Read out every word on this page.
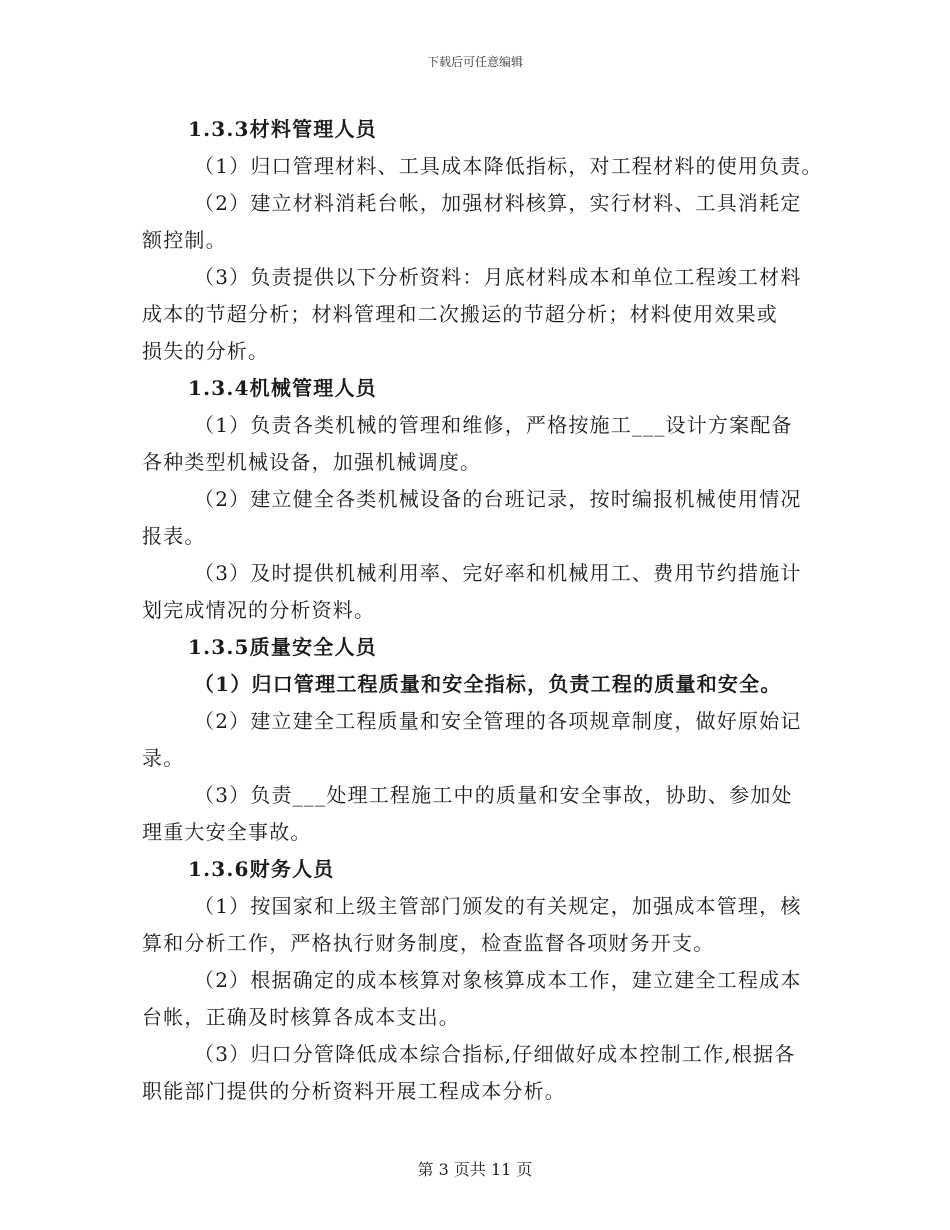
下载后可任意编辑
1.3.3材料管理人员
（1）归口管理材料、工具成本降低指标，对工程材料的使用负责。
（2）建立材料消耗台帐，加强材料核算，实行材料、工具消耗定
额控制。
（3）负责提供以下分析资料：月底材料成本和单位工程竣工材料
成本的节超分析；材料管理和二次搬运的节超分析；材料使用效果或
损失的分析。
1.3.4机械管理人员
（1）负责各类机械的管理和维修，严格按施工___设计方案配备
各种类型机械设备，加强机械调度。
（2）建立健全各类机械设备的台班记录，按时编报机械使用情况
报表。
（3）及时提供机械利用率、完好率和机械用工、费用节约措施计
划完成情况的分析资料。
1.3.5质量安全人员
（1）归口管理工程质量和安全指标，负责工程的质量和安全。
（2）建立建全工程质量和安全管理的各项规章制度，做好原始记
录。
（3）负责___处理工程施工中的质量和安全事故，协助、参加处
理重大安全事故。
1.3.6财务人员
（1）按国家和上级主管部门颁发的有关规定，加强成本管理，核
算和分析工作，严格执行财务制度，检查监督各项财务开支。
（2）根据确定的成本核算对象核算成本工作，建立建全工程成本
台帐，正确及时核算各成本支出。
（3）归口分管降低成本综合指标,仔细做好成本控制工作,根据各
职能部门提供的分析资料开展工程成本分析。
第 3 页共 11 页
